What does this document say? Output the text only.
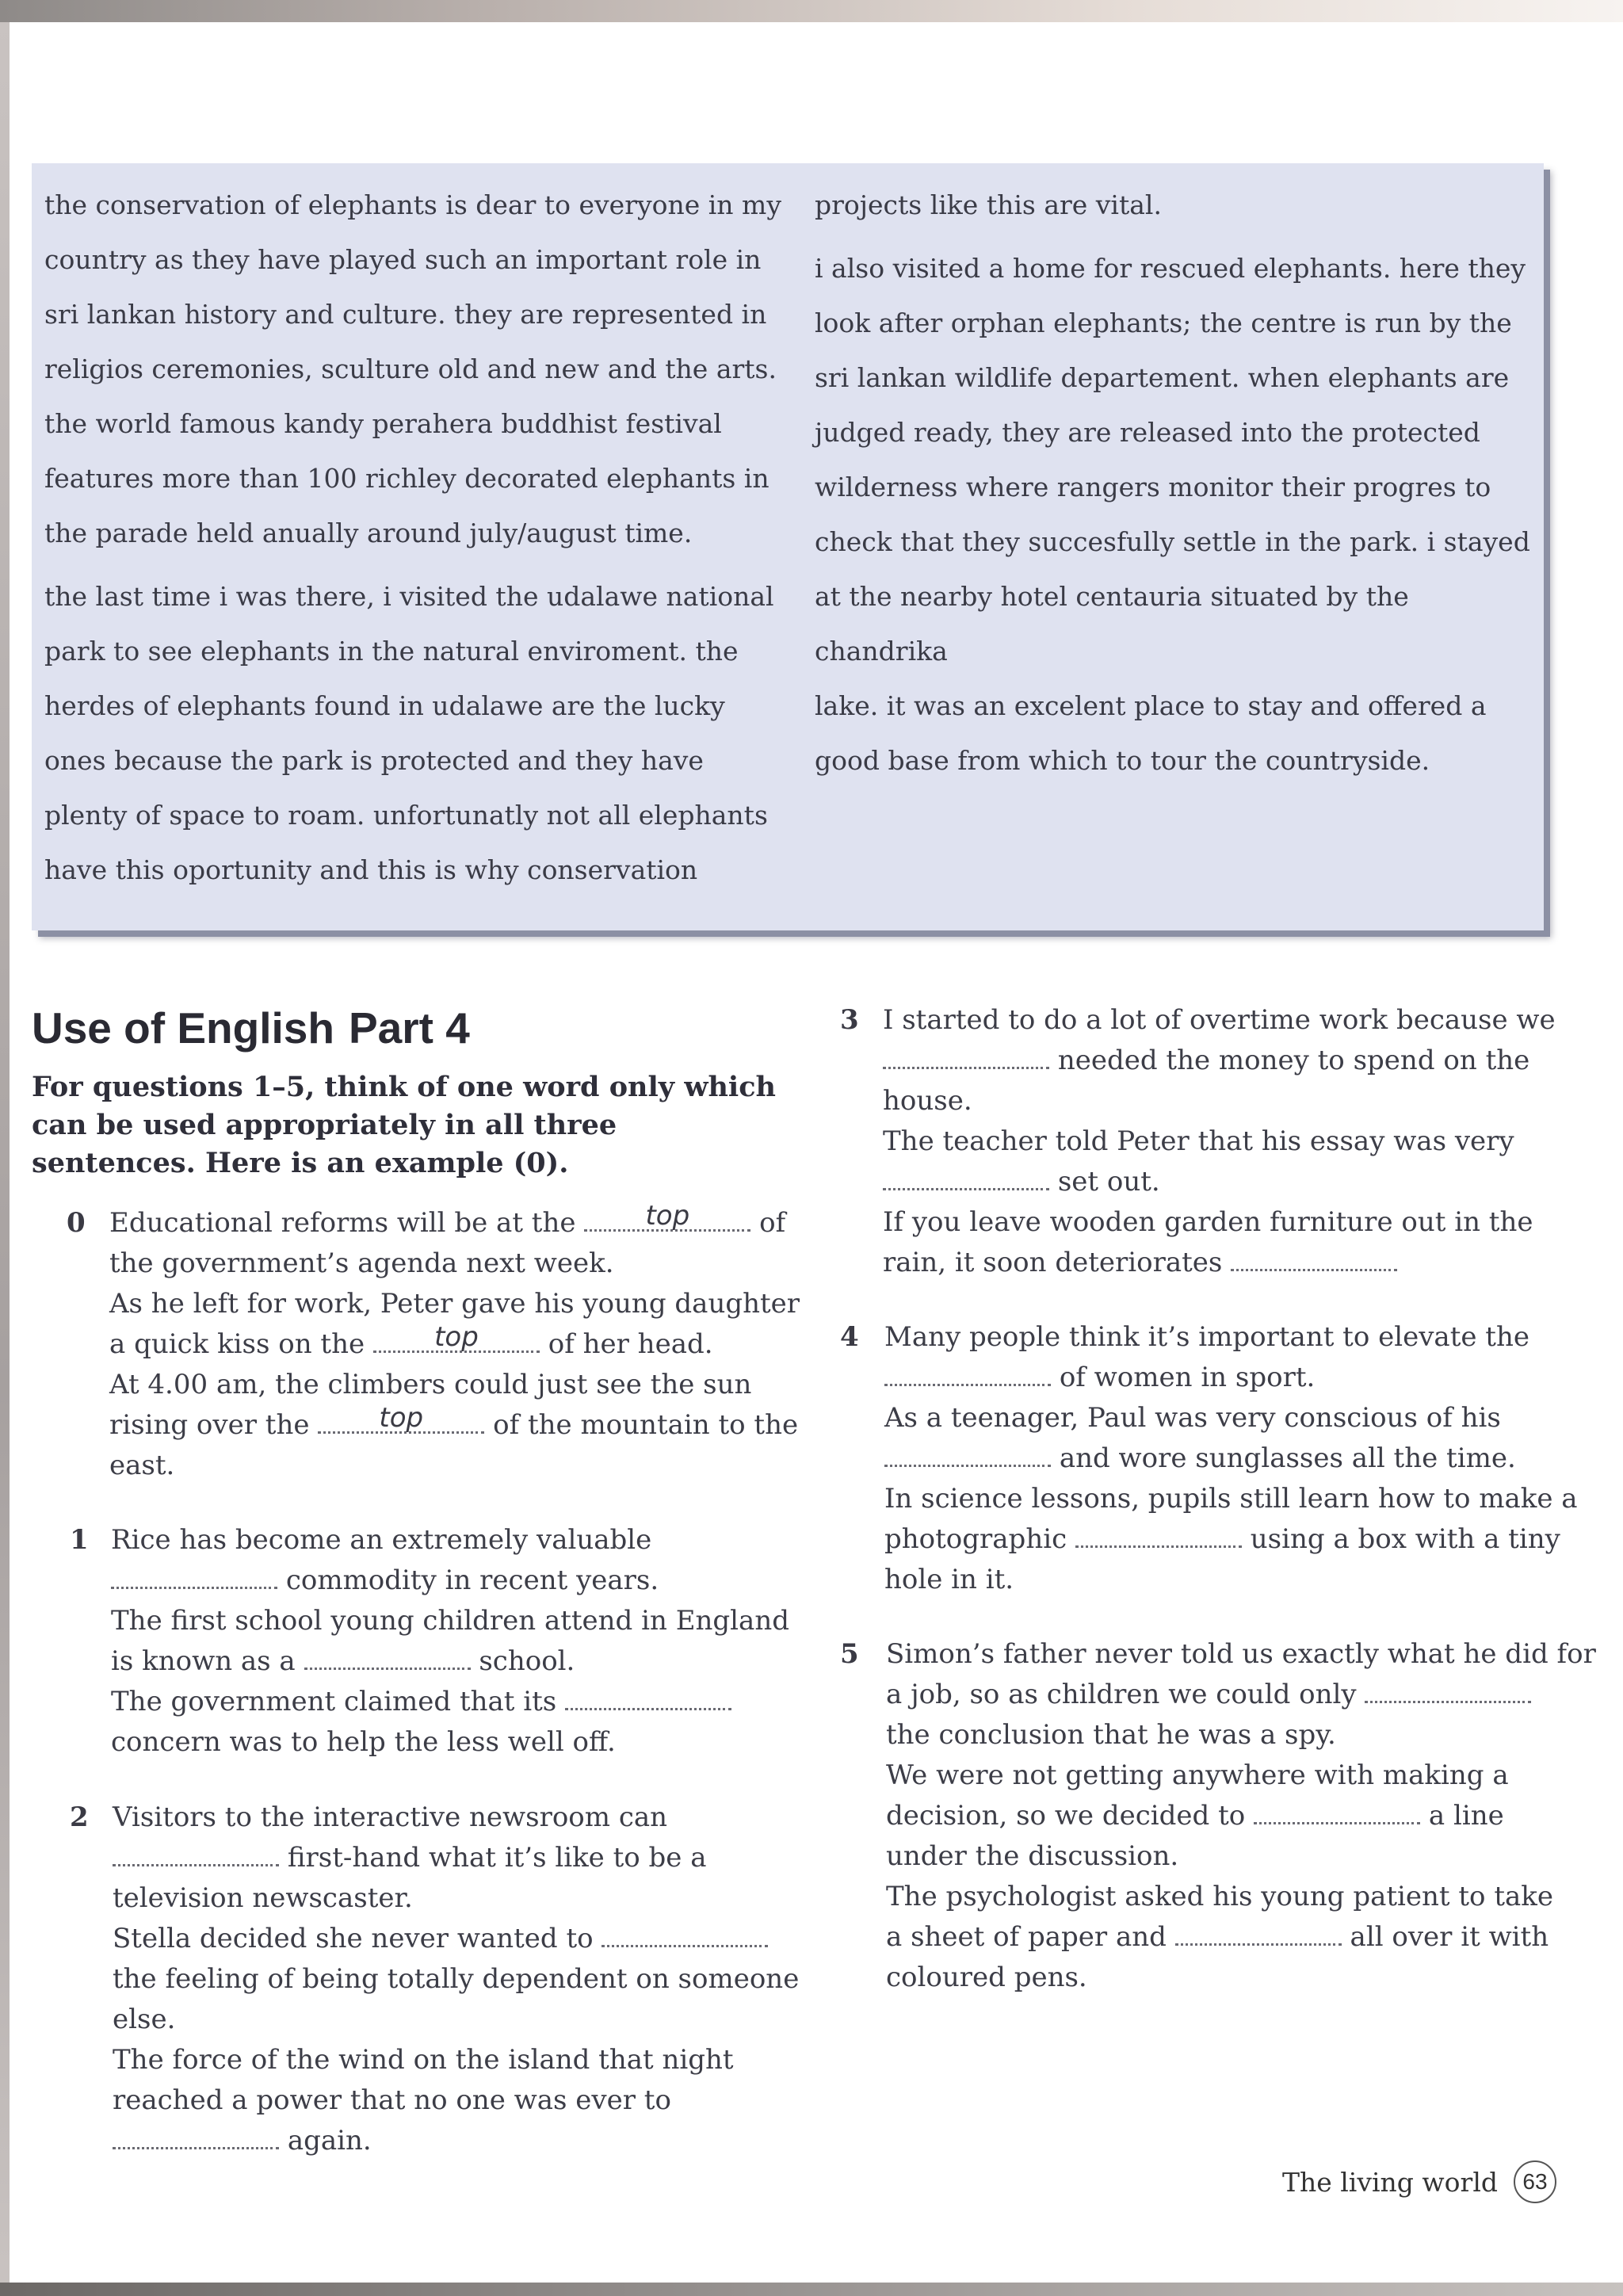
the conservation of elephants is dear to everyone in my
country as they have played such an important role in
sri lankan history and culture. they are represented in
religios ceremonies, sculture old and new and the arts.
the world famous kandy perahera buddhist festival
features more than 100 richley decorated elephants in
the parade held anually around july/august time.

the last time i was there, i visited the udalawe national
park to see elephants in the natural enviroment. the
herdes of elephants found in udalawe are the lucky
ones because the park is protected and they have
plenty of space to roam. unfortunatly not all elephants
have this oportunity and this is why conservation

projects like this are vital.

i also visited a home for rescued elephants. here they
look after orphan elephants; the centre is run by the
sri lankan wildlife departement. when elephants are
judged ready, they are released into the protected
wilderness where rangers monitor their progres to
check that they succesfully settle in the park. i stayed
at the nearby hotel centauria situated by the chandrika
lake. it was an excelent place to stay and offered a
good base from which to tour the countryside.

Use of English Part 4
For questions 1–5, think of one word only which can be used appropriately in all three sentences. Here is an example (0).
0 Educational reforms will be at the	top	of
the government’s agenda next week.
As he left for work, Peter gave his young daughter
a quick kiss on the	top	of her head.
At 4.00 am, the climbers could just see the sun
rising over the	top	of the mountain to the
east.
1 Rice has become an extremely valuable
commodity in recent years.
The first school young children attend in England
is known as a	school.
The government claimed that its
concern was to help the less well off.
2 Visitors to the interactive newsroom can
first-hand what it’s like to be a
television newscaster.
Stella decided she never wanted to
the feeling of being totally dependent on someone
else.
The force of the wind on the island that night
reached a power that no one was ever to
again.
3 I started to do a lot of overtime work because we
needed the money to spend on the
house.
The teacher told Peter that his essay was very
set out.
If you leave wooden garden furniture out in the
rain, it soon deteriorates
4 Many people think it’s important to elevate the
of women in sport.
As a teenager, Paul was very conscious of his
and wore sunglasses all the time.
In science lessons, pupils still learn how to make a
photographic	using a box with a tiny
hole in it.
5 Simon’s father never told us exactly what he did for
a job, so as children we could only
the conclusion that he was a spy.
We were not getting anywhere with making a
decision, so we decided to	a line
under the discussion.
The psychologist asked his young patient to take
a sheet of paper and	all over it with
coloured pens.
The living world	63
